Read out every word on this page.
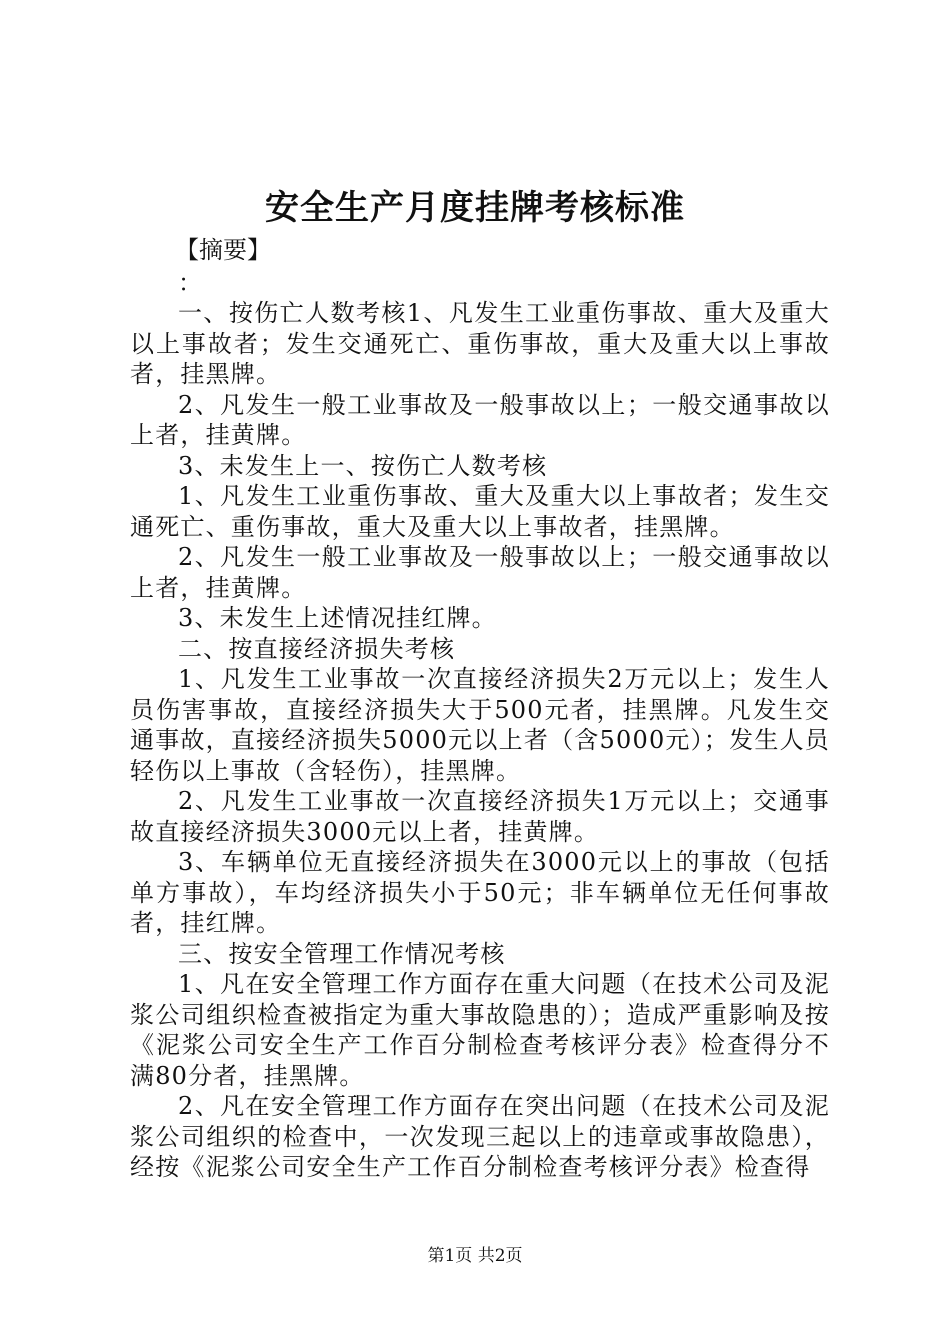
安全生产月度挂牌考核标准
【摘要】
：

一、按伤亡人数考核1、凡发生工业重伤事故、重大及重大以上事故者；发生交通死亡、重伤事故，重大及重大以上事故者，挂黑牌。

2、凡发生一般工业事故及一般事故以上；一般交通事故以上者，挂黄牌。

3、未发生上一、按伤亡人数考核

1、凡发生工业重伤事故、重大及重大以上事故者；发生交通死亡、重伤事故，重大及重大以上事故者，挂黑牌。

2、凡发生一般工业事故及一般事故以上；一般交通事故以上者，挂黄牌。

3、未发生上述情况挂红牌。

二、按直接经济损失考核

1、凡发生工业事故一次直接经济损失2万元以上；发生人员伤害事故，直接经济损失大于500元者，挂黑牌。凡发生交通事故，直接经济损失5000元以上者（含5000元）；发生人员轻伤以上事故（含轻伤），挂黑牌。

2、凡发生工业事故一次直接经济损失1万元以上；交通事故直接经济损失3000元以上者，挂黄牌。

3、车辆单位无直接经济损失在3000元以上的事故（包括单方事故），车均经济损失小于50元；非车辆单位无任何事故者，挂红牌。

三、按安全管理工作情况考核

1、凡在安全管理工作方面存在重大问题（在技术公司及泥浆公司组织检查被指定为重大事故隐患的）；造成严重影响及按《泥浆公司安全生产工作百分制检查考核评分表》检查得分不满80分者，挂黑牌。

2、凡在安全管理工作方面存在突出问题（在技术公司及泥浆公司组织的检查中，一次发现三起以上的违章或事故隐患），经按《泥浆公司安全生产工作百分制检查考核评分表》检查得

第1页 共2页
